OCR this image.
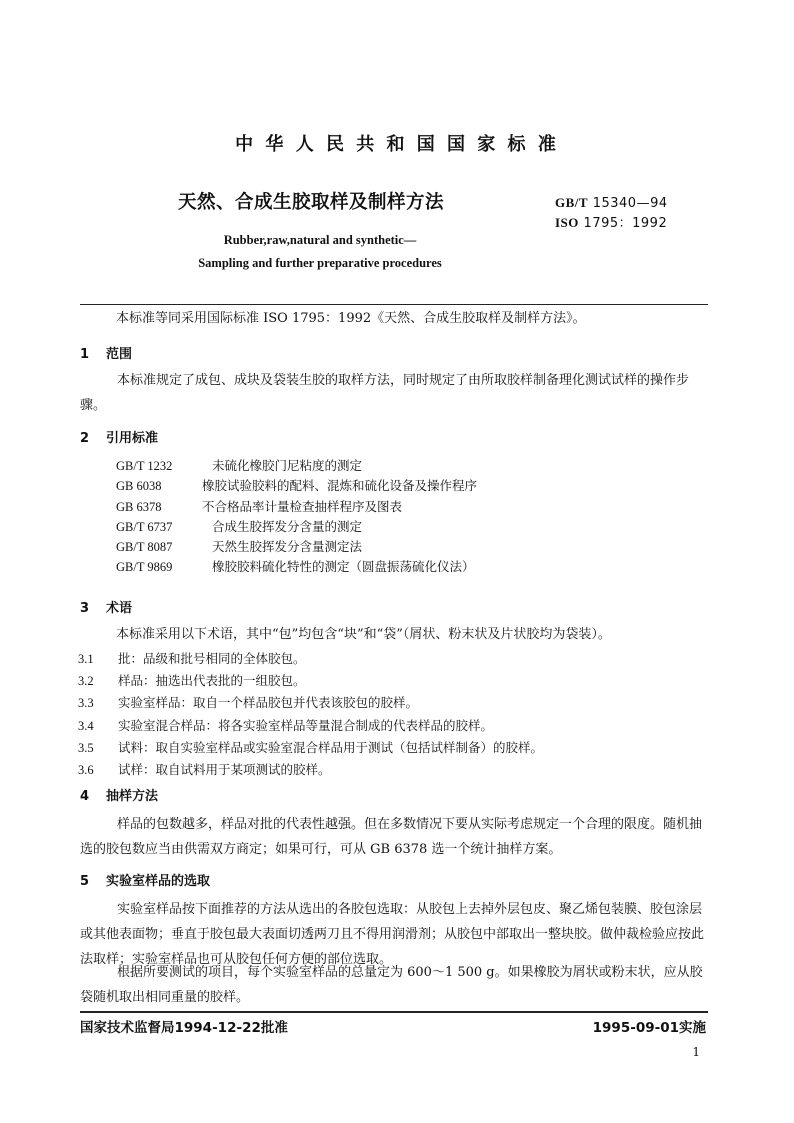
中 华 人 民 共 和 国 国 家 标 准
天然、合成生胶取样及制样方法	GB/T 15340—94
ISO 1795：1992
Rubber,raw,natural and synthetic—
Sampling and further preparative procedures
本标准等同采用国际标准 ISO 1795：1992《天然、合成生胶取样及制样方法》。
1 范围
本标准规定了成包、成块及袋装生胶的取样方法，同时规定了由所取胶样制备理化测试试样的操作步骤。
2 引用标准
GB/T 1232	未硫化橡胶门尼粘度的测定
GB 6038	橡胶试验胶料的配料、混炼和硫化设备及操作程序
GB 6378	不合格品率计量检查抽样程序及图表
GB/T 6737	合成生胶挥发分含量的测定
GB/T 8087	天然生胶挥发分含量测定法
GB/T 9869	橡胶胶料硫化特性的测定（圆盘振荡硫化仪法）
3 术语
本标准采用以下术语，其中“包”均包含“块”和“袋”（屑状、粉末状及片状胶均为袋装）。
3.1 批：品级和批号相同的全体胶包。
3.2 样品：抽选出代表批的一组胶包。
3.3 实验室样品：取自一个样品胶包并代表该胶包的胶样。
3.4 实验室混合样品：将各实验室样品等量混合制成的代表样品的胶样。
3.5 试料：取自实验室样品或实验室混合样品用于测试（包括试样制备）的胶样。
3.6 试样：取自试料用于某项测试的胶样。
4 抽样方法
样品的包数越多，样品对批的代表性越强。但在多数情况下要从实际考虑规定一个合理的限度。随机抽选的胶包数应当由供需双方商定；如果可行，可从 GB 6378 选一个统计抽样方案。
5 实验室样品的选取
实验室样品按下面推荐的方法从选出的各胶包选取：从胶包上去掉外层包皮、聚乙烯包装膜、胶包涂层或其他表面物；垂直于胶包最大表面切透两刀且不得用润滑剂；从胶包中部取出一整块胶。做仲裁检验应按此法取样；实验室样品也可从胶包任何方便的部位选取。
根据所要测试的项目，每个实验室样品的总量定为 600～1 500 g。如果橡胶为屑状或粉末状，应从胶袋随机取出相同重量的胶样。
国家技术监督局1994-12-22批准	1995-09-01实施
1
